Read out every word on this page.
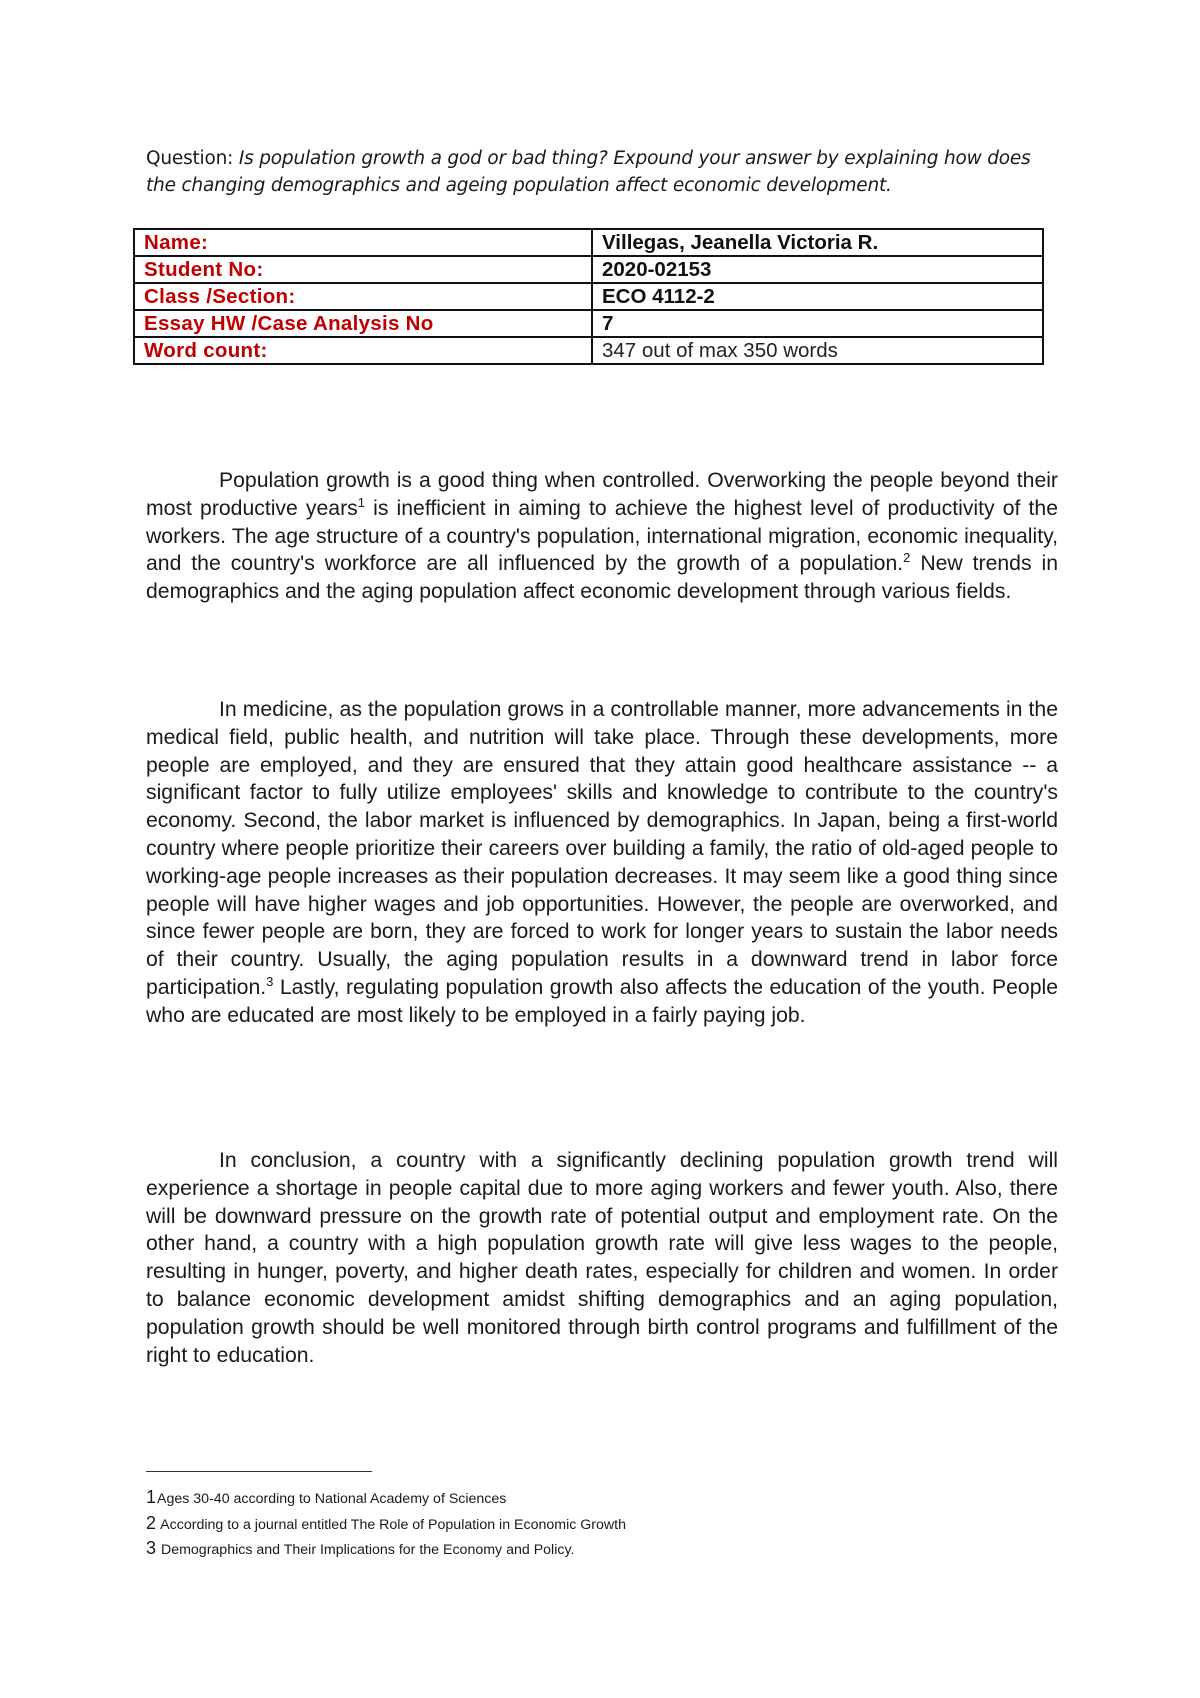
Question: Is population growth a god or bad thing? Expound your answer by explaining how does the changing demographics and ageing population affect economic development.
Name:	Villegas, Jeanella Victoria R.
Student No:	2020-02153
Class /Section:	ECO 4112-2
Essay HW /Case Analysis No	7
Word count:	347 out of max 350 words

Population growth is a good thing when controlled. Overworking the people beyond their most productive years$^1$ is inefficient in aiming to achieve the highest level of productivity of the workers. The age structure of a country's population, international migration, economic inequality, and the country's workforce are all influenced by the growth of a population.$^2$ New trends in demographics and the aging population affect economic development through various fields.

In medicine, as the population grows in a controllable manner, more advancements in the medical field, public health, and nutrition will take place. Through these developments, more people are employed, and they are ensured that they attain good healthcare assistance -- a significant factor to fully utilize employees' skills and knowledge to contribute to the country's economy. Second, the labor market is influenced by demographics. In Japan, being a first-world country where people prioritize their careers over building a family, the ratio of old-aged people to working-age people increases as their population decreases. It may seem like a good thing since people will have higher wages and job opportunities. However, the people are overworked, and since fewer people are born, they are forced to work for longer years to sustain the labor needs of their country. Usually, the aging population results in a downward trend in labor force participation.$^3$ Lastly, regulating population growth also affects the education of the youth. People who are educated are most likely to be employed in a fairly paying job.

In conclusion, a country with a significantly declining population growth trend will experience a shortage in people capital due to more aging workers and fewer youth. Also, there will be downward pressure on the growth rate of potential output and employment rate. On the other hand, a country with a high population growth rate will give less wages to the people, resulting in hunger, poverty, and higher death rates, especially for children and women. In order to balance economic development amidst shifting demographics and an aging population, population growth should be well monitored through birth control programs and fulfillment of the right to education.

1Ages 30-40 according to National Academy of Sciences
2 According to a journal entitled The Role of Population in Economic Growth
3 Demographics and Their Implications for the Economy and Policy.
